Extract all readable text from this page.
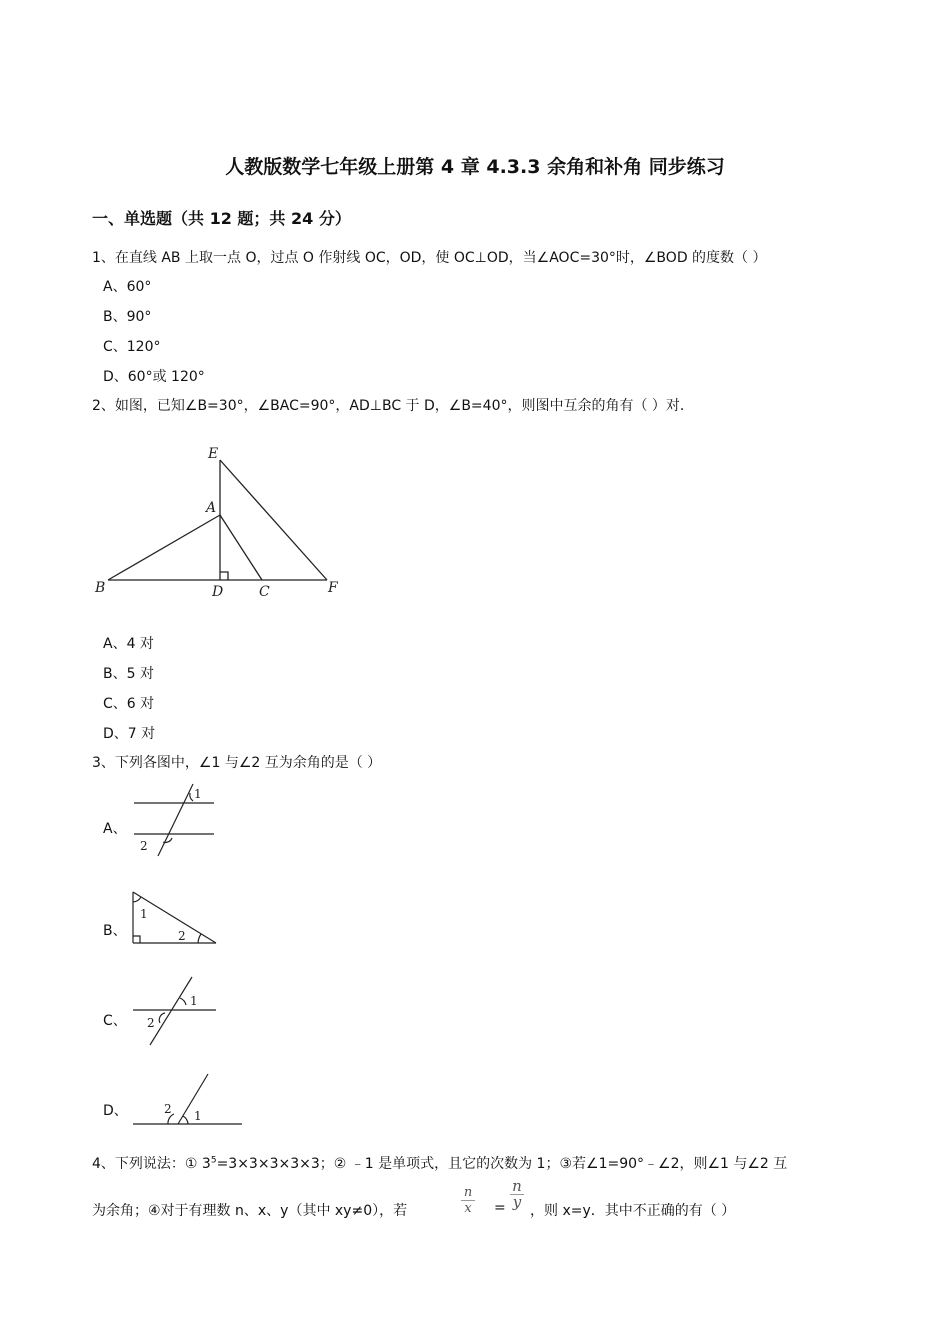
人教版数学七年级上册第 4 章 4.3.3 余角和补角 同步练习
一、单选题（共 12 题；共 24 分）
1、在直线 AB 上取一点 O，过点 O 作射线 OC，OD，使 OC⊥OD，当∠AOC=30°时，∠BOD 的度数（ ）
A、60°
B、90°
C、120°
D、60°或 120°
2、如图，已知∠B=30°，∠BAC=90°，AD⊥BC 于 D，∠B=40°，则图中互余的角有（ ）对．
E
A
B	D	C	F
A、4 对
B、5 对
C、6 对
D、7 对
3、下列各图中，∠1 与∠2 互为余角的是（ ）
A、
1
2
B、
1
2
C、
1
2
D、	1
2
4、下列说法：① $3^5=3\times 3\times 3\times 3\times 3$；② ﹣1 是单项式，且它的次数为 1；③若∠1=90°﹣∠2，则∠1 与∠2 互
为余角；④对于有理数 n、x、y（其中 xy≠0），若
n
x =
n
y ，则 x=y．其中不正确的有（ ）
